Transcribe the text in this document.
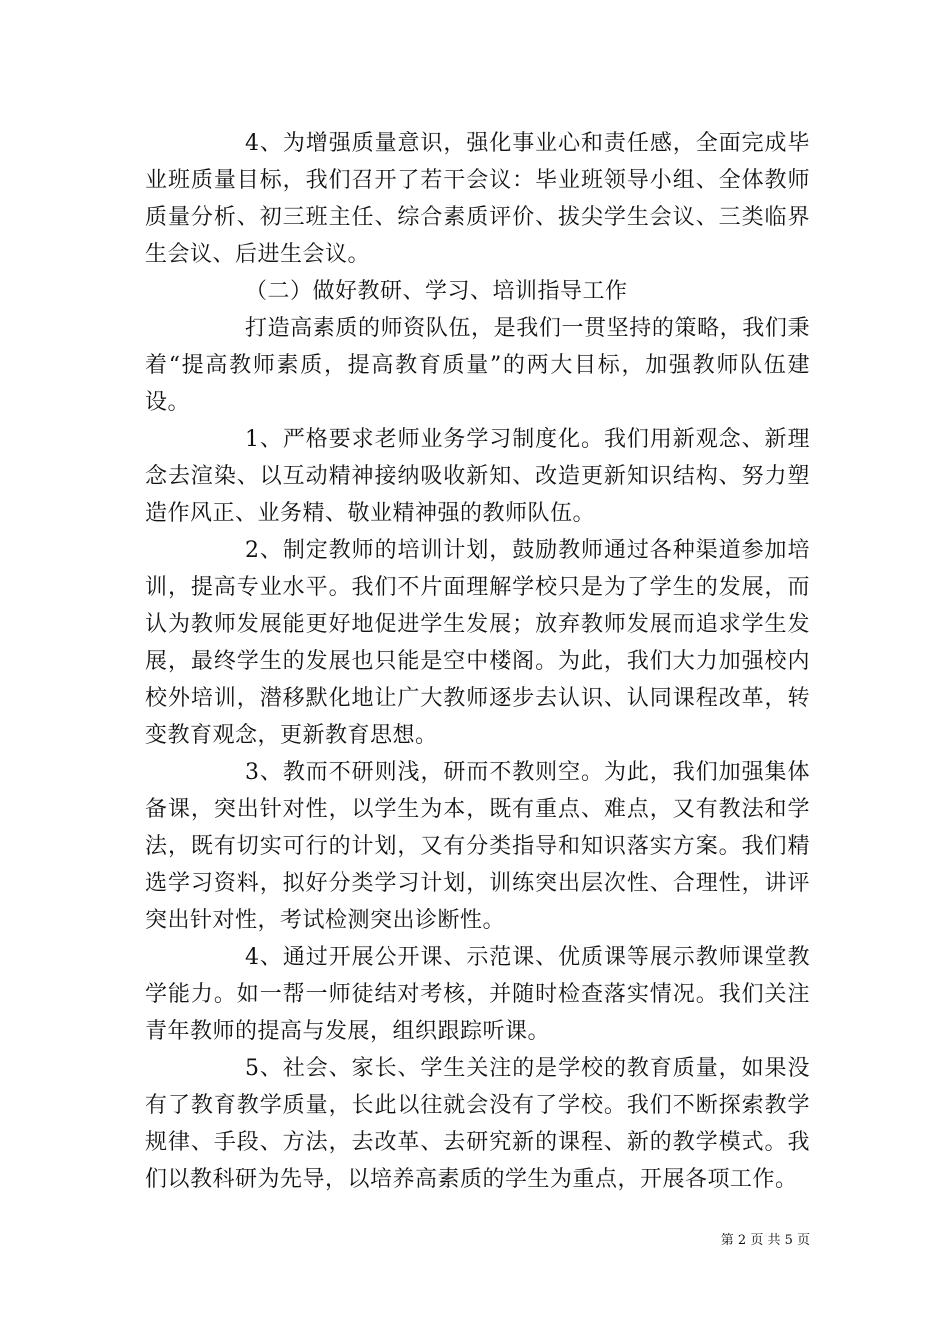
4、为增强质量意识，强化事业心和责任感，全面完成毕业班质量目标，我们召开了若干会议：毕业班领导小组、全体教师质量分析、初三班主任、综合素质评价、拔尖学生会议、三类临界生会议、后进生会议。

（二）做好教研、学习、培训指导工作

打造高素质的师资队伍，是我们一贯坚持的策略，我们秉着“提高教师素质，提高教育质量”的两大目标，加强教师队伍建设。

1、严格要求老师业务学习制度化。我们用新观念、新理念去渲染、以互动精神接纳吸收新知、改造更新知识结构、努力塑造作风正、业务精、敬业精神强的教师队伍。

2、制定教师的培训计划，鼓励教师通过各种渠道参加培训，提高专业水平。我们不片面理解学校只是为了学生的发展，而认为教师发展能更好地促进学生发展；放弃教师发展而追求学生发展，最终学生的发展也只能是空中楼阁。为此，我们大力加强校内校外培训，潜移默化地让广大教师逐步去认识、认同课程改革，转变教育观念，更新教育思想。

3、教而不研则浅，研而不教则空。为此，我们加强集体备课，突出针对性，以学生为本，既有重点、难点，又有教法和学法，既有切实可行的计划，又有分类指导和知识落实方案。我们精选学习资料，拟好分类学习计划，训练突出层次性、合理性，讲评突出针对性，考试检测突出诊断性。

4、通过开展公开课、示范课、优质课等展示教师课堂教学能力。如一帮一师徒结对考核，并随时检查落实情况。我们关注青年教师的提高与发展，组织跟踪听课。

5、社会、家长、学生关注的是学校的教育质量，如果没有了教育教学质量，长此以往就会没有了学校。我们不断探索教学规律、手段、方法，去改革、去研究新的课程、新的教学模式。我们以教科研为先导，以培养高素质的学生为重点，开展各项工作。

第 2 页 共 5 页
